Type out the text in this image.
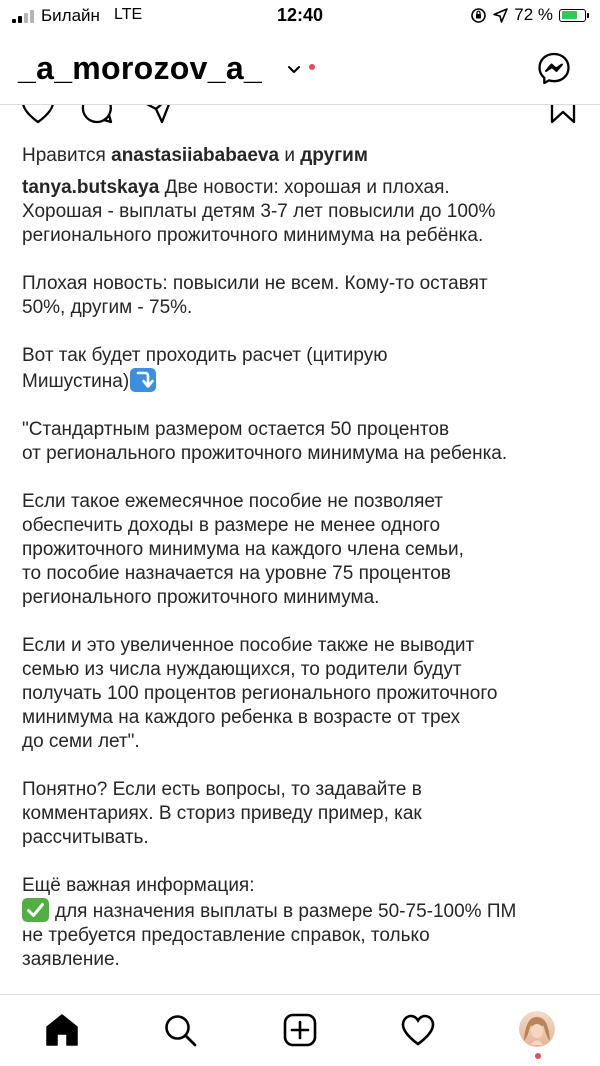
Билайн LTE	12:40	72 %
_a_morozov_a_
Нравится anastasiiababaeva и другим
tanya.butskaya Две новости: хорошая и плохая.
Хорошая - выплаты детям 3-7 лет повысили до 100%
регионального прожиточного минимума на ребёнка.
Плохая новость: повысили не всем. Кому-то оставят
50%, другим - 75%.
Вот так будет проходить расчет (цитирую
Мишустина)
"Стандартным размером остается 50 процентов
от регионального прожиточного минимума на ребенка.
Если такое ежемесячное пособие не позволяет
обеспечить доходы в размере не менее одного
прожиточного минимума на каждого члена семьи,
то пособие назначается на уровне 75 процентов
регионального прожиточного минимума.
Если и это увеличенное пособие также не выводит
семью из числа нуждающихся, то родители будут
получать 100 процентов регионального прожиточного
минимума на каждого ребенка в возрасте от трех
до семи лет".
Понятно? Если есть вопросы, то задавайте в
комментариях. В сториз приведу пример, как
рассчитывать.
Ещё важная информация:
для назначения выплаты в размере 50-75-100% ПМ
не требуется предоставление справок, только
заявление.
